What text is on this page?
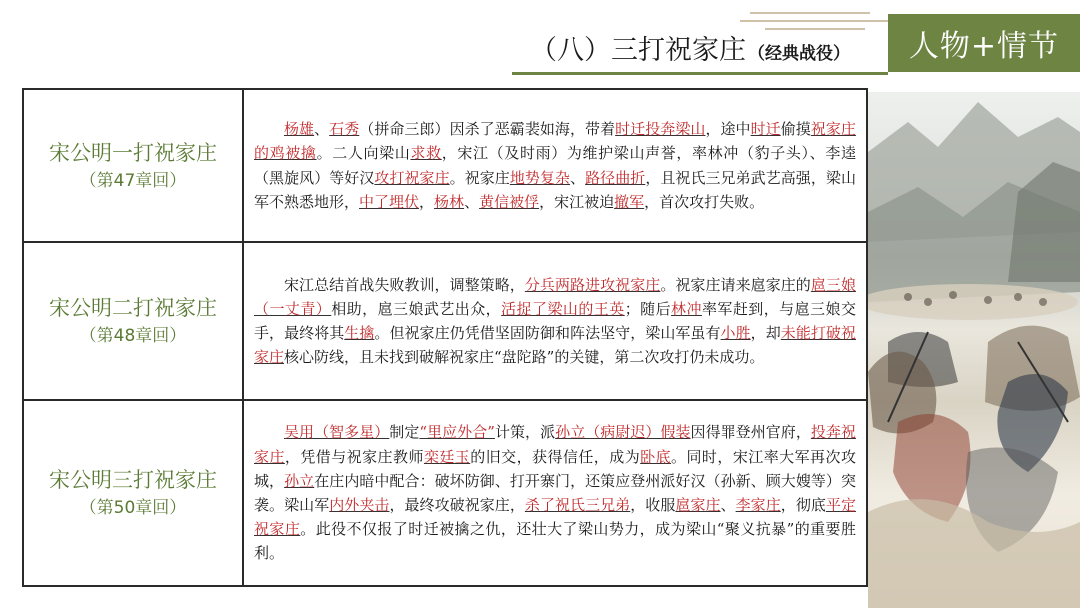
人物+情节
（八）三打祝家庄 （经典战役）
宋公明一打祝家庄
（第47章回）	杨雄、石秀（拼命三郎）因杀了恶霸裴如海，带着时迁投奔梁山，途中时迁偷摸祝家庄的鸡被擒。二人向梁山求救，宋江（及时雨）为维护梁山声誉，率林冲（豹子头）、李逵（黑旋风）等好汉攻打祝家庄。祝家庄地势复杂、路径曲折，且祝氏三兄弟武艺高强，梁山军不熟悉地形，中了埋伏，杨林、黄信被俘，宋江被迫撤军，首次攻打失败。

宋公明二打祝家庄
（第48章回）	宋江总结首战失败教训，调整策略，分兵两路进攻祝家庄。祝家庄请来扈家庄的扈三娘（一丈青）相助，扈三娘武艺出众，活捉了梁山的王英；随后林冲率军赶到，与扈三娘交手，最终将其生擒。但祝家庄仍凭借坚固防御和阵法坚守，梁山军虽有小胜，却未能打破祝家庄核心防线，且未找到破解祝家庄“盘陀路”的关键，第二次攻打仍未成功。

宋公明三打祝家庄
（第50章回）	吴用（智多星）制定“里应外合”计策，派孙立（病尉迟）假装因得罪登州官府，投奔祝家庄，凭借与祝家庄教师栾廷玉的旧交，获得信任，成为卧底。同时，宋江率大军再次攻城，孙立在庄内暗中配合：破坏防御、打开寨门，还策应登州派好汉（孙新、顾大嫂等）突袭。梁山军内外夹击，最终攻破祝家庄，杀了祝氏三兄弟，收服扈家庄、李家庄，彻底平定祝家庄。此役不仅报了时迁被擒之仇，还壮大了梁山势力，成为梁山“聚义抗暴”的重要胜利。
